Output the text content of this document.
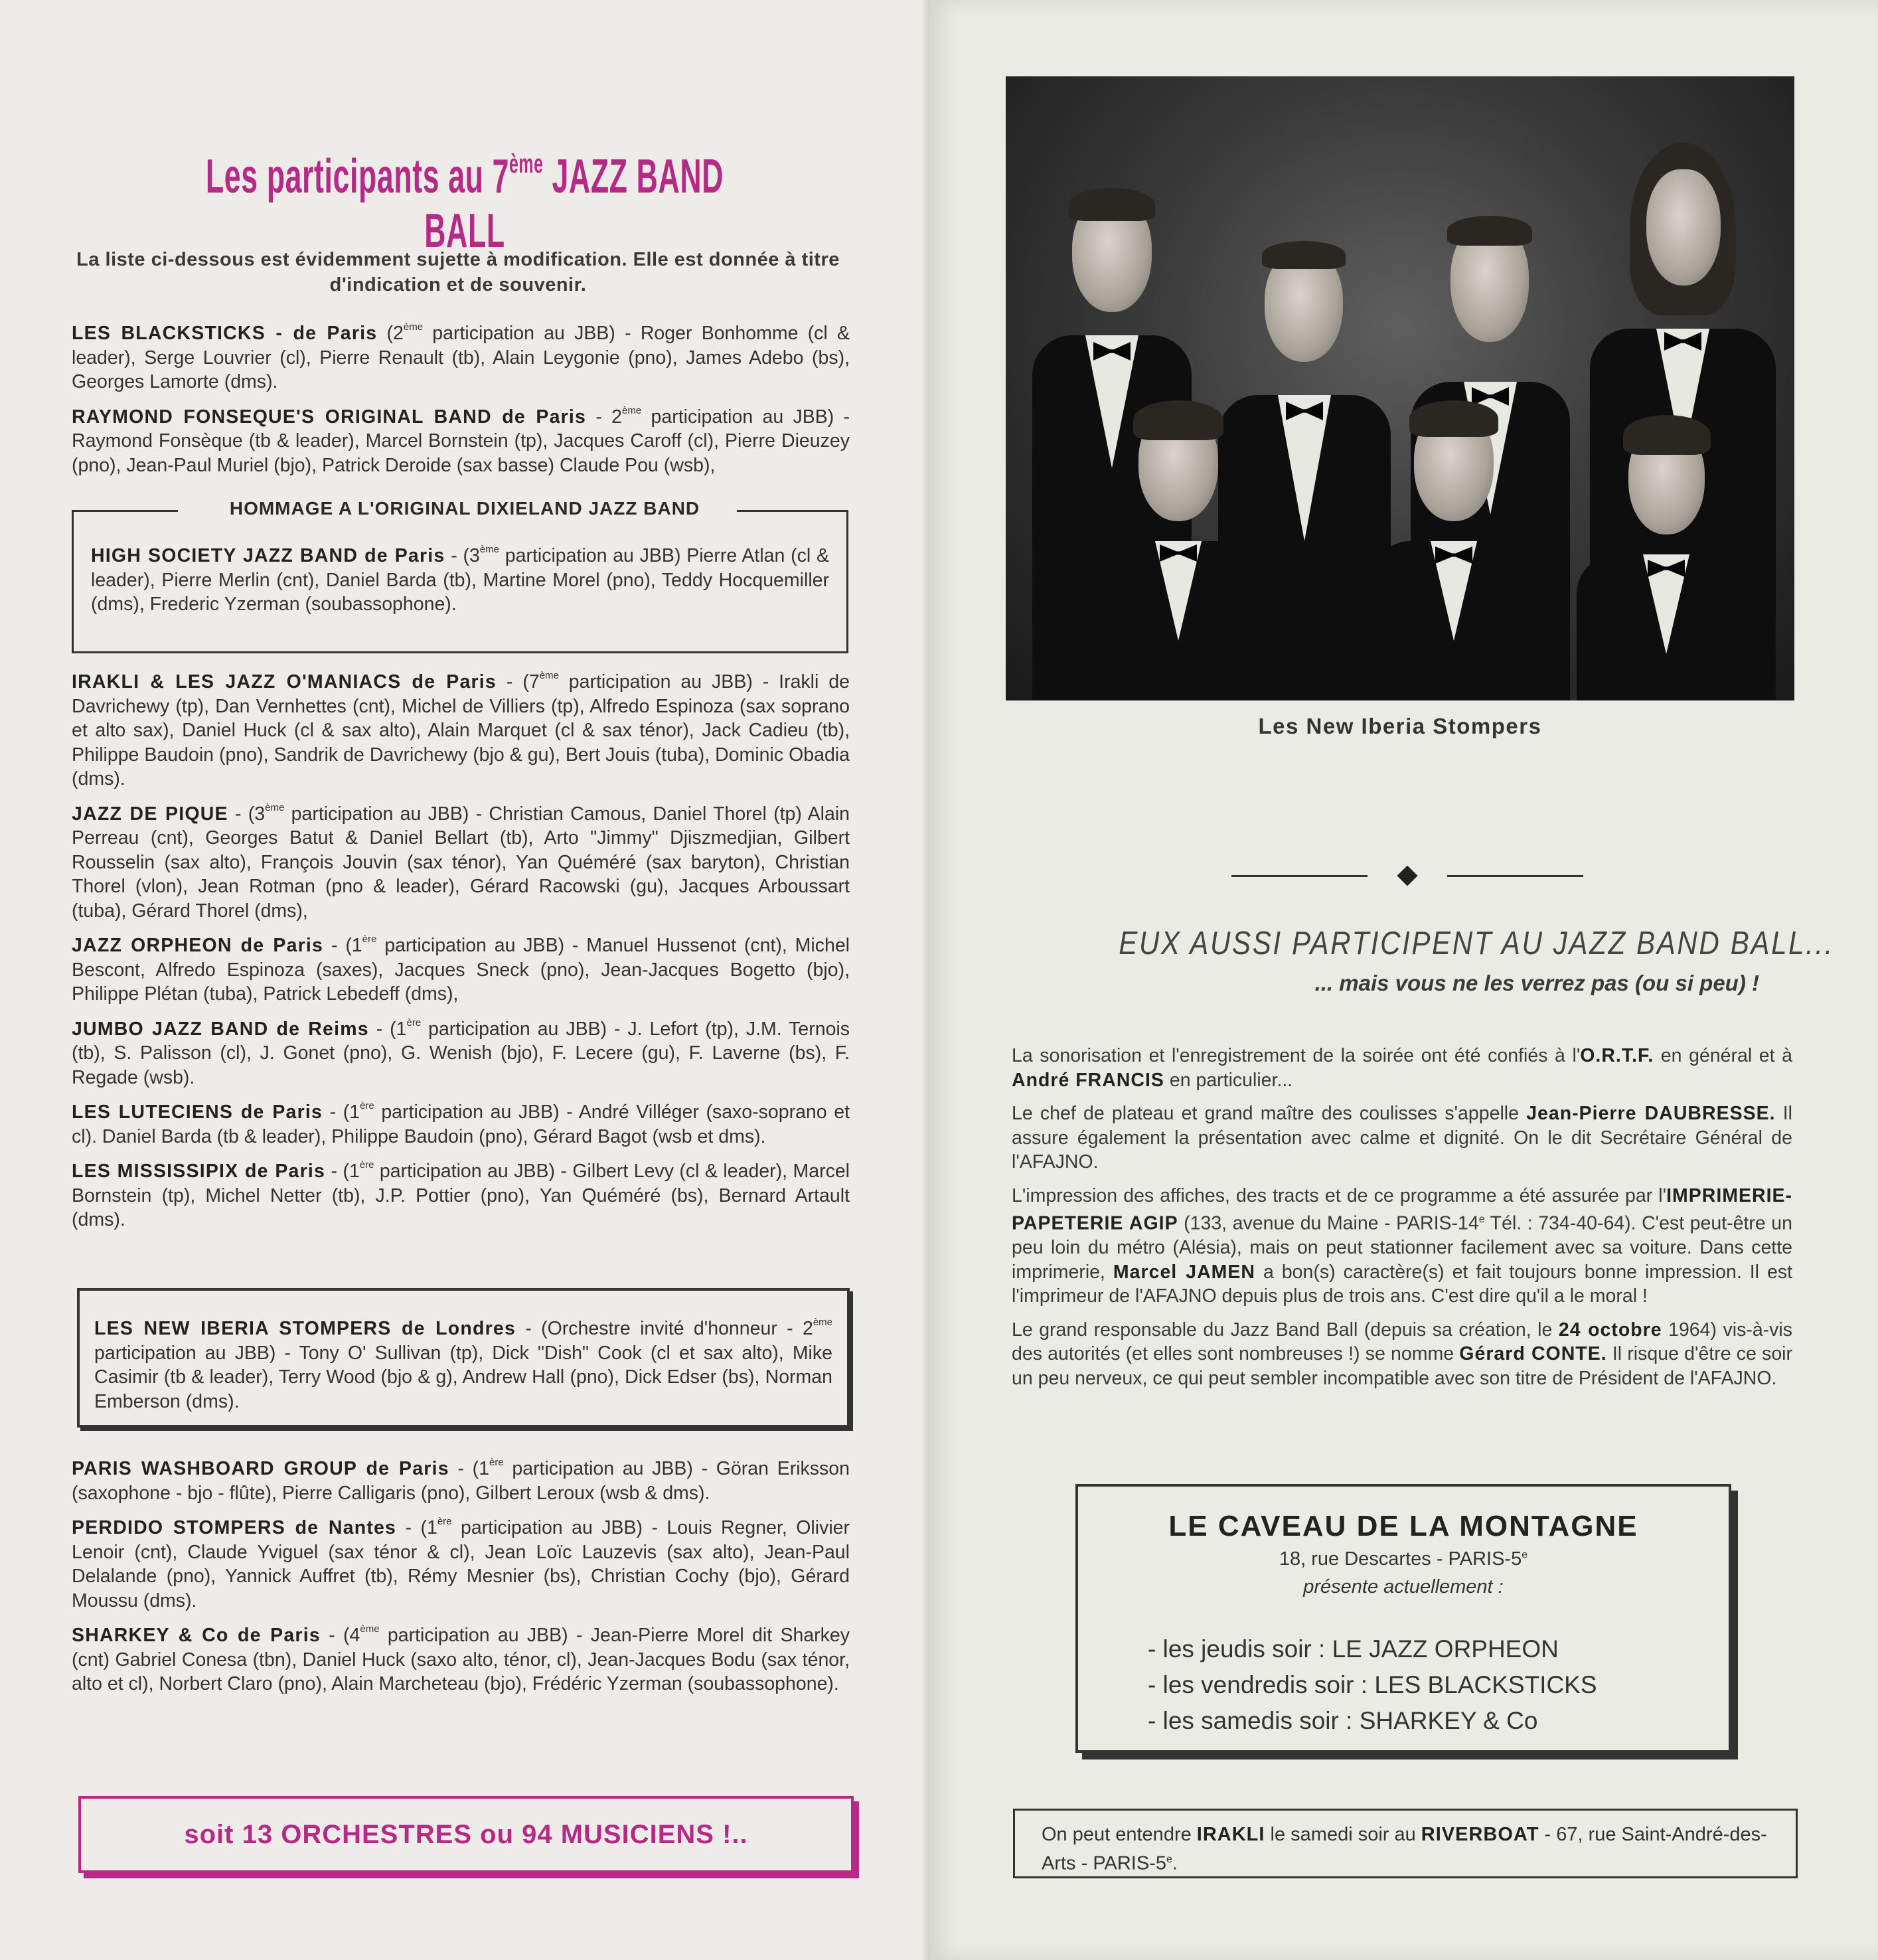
Les participants au 7ème JAZZ BAND BALL
La liste ci-dessous est évidemment sujette à modification. Elle est donnée à titre d'indication et de souvenir.

LES BLACKSTICKS - de Paris (2ème participation au JBB) - Roger Bonhomme (cl & leader), Serge Louvrier (cl), Pierre Renault (tb), Alain Leygonie (pno), James Adebo (bs), Georges Lamorte (dms).

RAYMOND FONSEQUE'S ORIGINAL BAND de Paris - 2ème participation au JBB) - Raymond Fonsèque (tb & leader), Marcel Bornstein (tp), Jacques Caroff (cl), Pierre Dieuzey (pno), Jean-Paul Muriel (bjo), Patrick Deroide (sax basse) Claude Pou (wsb),

HOMMAGE A L'ORIGINAL DIXIELAND JAZZ BAND

HIGH SOCIETY JAZZ BAND de Paris - (3ème participation au JBB) Pierre Atlan (cl & leader), Pierre Merlin (cnt), Daniel Barda (tb), Martine Morel (pno), Teddy Hocquemiller (dms), Frederic Yzerman (soubassophone).

IRAKLI & LES JAZZ O'MANIACS de Paris - (7ème participation au JBB) - Irakli de Davrichewy (tp), Dan Vernhettes (cnt), Michel de Villiers (tp), Alfredo Espinoza (sax soprano et alto sax), Daniel Huck (cl & sax alto), Alain Marquet (cl & sax ténor), Jack Cadieu (tb), Philippe Baudoin (pno), Sandrik de Davrichewy (bjo & gu), Bert Jouis (tuba), Dominic Obadia (dms).

JAZZ DE PIQUE - (3ème participation au JBB) - Christian Camous, Daniel Thorel (tp) Alain Perreau (cnt), Georges Batut & Daniel Bellart (tb), Arto "Jimmy" Djiszmedjian, Gilbert Rousselin (sax alto), François Jouvin (sax ténor), Yan Quéméré (sax baryton), Christian Thorel (vlon), Jean Rotman (pno & leader), Gérard Racowski (gu), Jacques Arboussart (tuba), Gérard Thorel (dms),

JAZZ ORPHEON de Paris - (1ère participation au JBB) - Manuel Hussenot (cnt), Michel Bescont, Alfredo Espinoza (saxes), Jacques Sneck (pno), Jean-Jacques Bogetto (bjo), Philippe Plétan (tuba), Patrick Lebedeff (dms),

JUMBO JAZZ BAND de Reims - (1ère participation au JBB) - J. Lefort (tp), J.M. Ternois (tb), S. Palisson (cl), J. Gonet (pno), G. Wenish (bjo), F. Lecere (gu), F. Laverne (bs), F. Regade (wsb).

LES LUTECIENS de Paris - (1ère participation au JBB) - André Villéger (saxo-soprano et cl). Daniel Barda (tb & leader), Philippe Baudoin (pno), Gérard Bagot (wsb et dms).

LES MISSISSIPIX de Paris - (1ère participation au JBB) - Gilbert Levy (cl & leader), Marcel Bornstein (tp), Michel Netter (tb), J.P. Pottier (pno), Yan Quéméré (bs), Bernard Artault (dms).

LES NEW IBERIA STOMPERS de Londres - (Orchestre invité d'honneur - 2ème participation au JBB) - Tony O' Sullivan (tp), Dick "Dish" Cook (cl et sax alto), Mike Casimir (tb & leader), Terry Wood (bjo & g), Andrew Hall (pno), Dick Edser (bs), Norman Emberson (dms).

PARIS WASHBOARD GROUP de Paris - (1ère participation au JBB) - Göran Eriksson (saxophone - bjo - flûte), Pierre Calligaris (pno), Gilbert Leroux (wsb & dms).

PERDIDO STOMPERS de Nantes - (1ère participation au JBB) - Louis Regner, Olivier Lenoir (cnt), Claude Yviguel (sax ténor & cl), Jean Loïc Lauzevis (sax alto), Jean-Paul Delalande (pno), Yannick Auffret (tb), Rémy Mesnier (bs), Christian Cochy (bjo), Gérard Moussu (dms).

SHARKEY & Co de Paris - (4ème participation au JBB) - Jean-Pierre Morel dit Sharkey (cnt) Gabriel Conesa (tbn), Daniel Huck (saxo alto, ténor, cl), Jean-Jacques Bodu (sax ténor, alto et cl), Norbert Claro (pno), Alain Marcheteau (bjo), Frédéric Yzerman (soubassophone).

soit 13 ORCHESTRES ou 94 MUSICIENS !..
Les New Iberia Stompers
EUX AUSSI PARTICIPENT AU JAZZ BAND BALL...
... mais vous ne les verrez pas (ou si peu) !

La sonorisation et l'enregistrement de la soirée ont été confiés à l'O.R.T.F. en général et à André FRANCIS en particulier...

Le chef de plateau et grand maître des coulisses s'appelle Jean-Pierre DAUBRESSE. Il assure également la présentation avec calme et dignité. On le dit Secrétaire Général de l'AFAJNO.

L'impression des affiches, des tracts et de ce programme a été assurée par l'IMPRIMERIE-PAPETERIE AGIP (133, avenue du Maine - PARIS-14e Tél. : 734-40-64). C'est peut-être un peu loin du métro (Alésia), mais on peut stationner facilement avec sa voiture. Dans cette imprimerie, Marcel JAMEN a bon(s) caractère(s) et fait toujours bonne impression. Il est l'imprimeur de l'AFAJNO depuis plus de trois ans. C'est dire qu'il a le moral !

Le grand responsable du Jazz Band Ball (depuis sa création, le 24 octobre 1964) vis-à-vis des autorités (et elles sont nombreuses !) se nomme Gérard CONTE. Il risque d'être ce soir un peu nerveux, ce qui peut sembler incompatible avec son titre de Président de l'AFAJNO.

LE CAVEAU DE LA MONTAGNE
18, rue Descartes - PARIS-5e
présente actuellement :
- les jeudis soir : LE JAZZ ORPHEON
- les vendredis soir : LES BLACKSTICKS
- les samedis soir : SHARKEY & Co

On peut entendre IRAKLI le samedi soir au RIVERBOAT - 67, rue Saint-André-des-Arts - PARIS-5e.
